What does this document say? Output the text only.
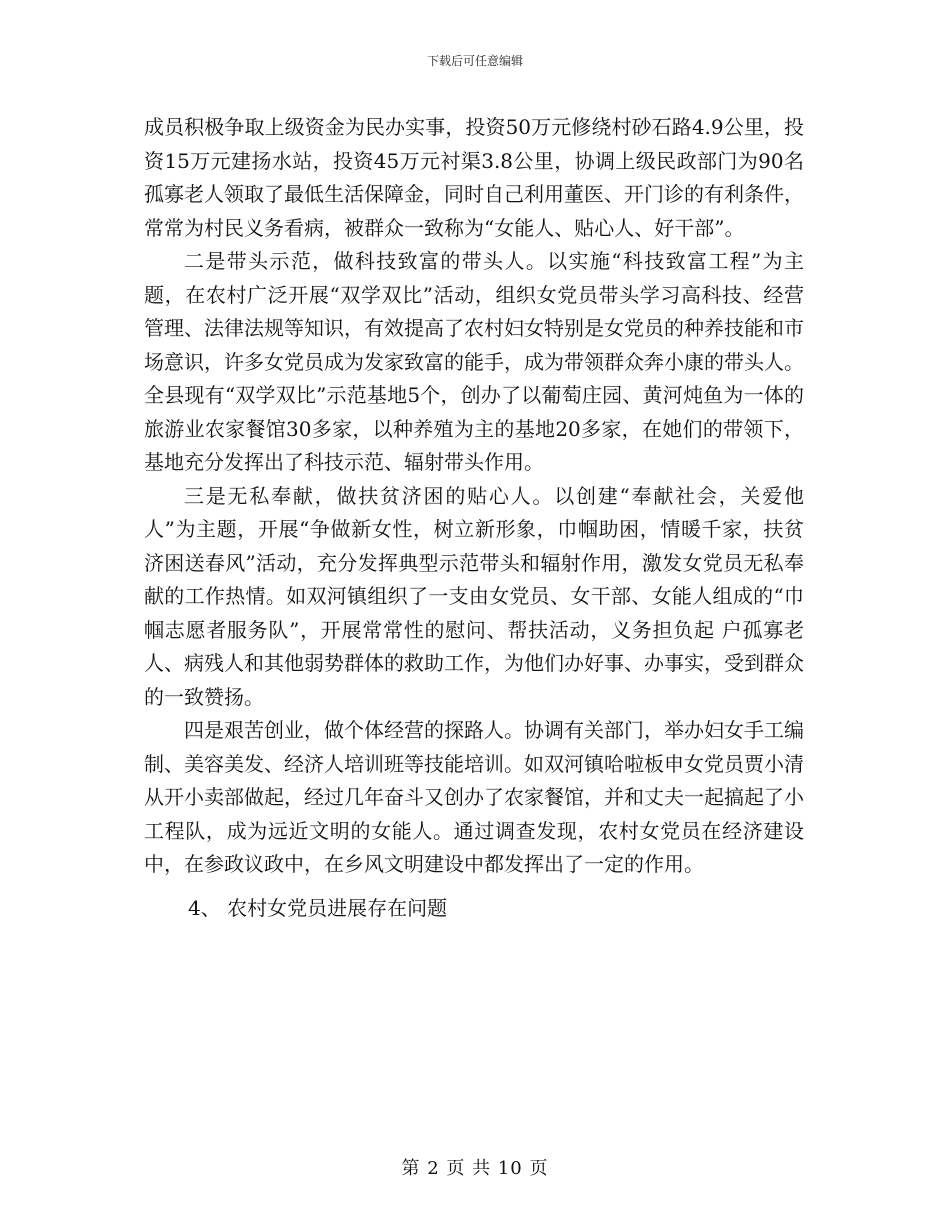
下载后可任意编辑

成员积极争取上级资金为民办实事，投资50万元修绕村砂石路4.9公里，投资15万元建扬水站，投资45万元衬渠3.8公里，协调上级民政部门为90名孤寡老人领取了最低生活保障金，同时自己利用董医、开门诊的有利条件，常常为村民义务看病，被群众一致称为“女能人、贴心人、好干部”。

二是带头示范，做科技致富的带头人。以实施“科技致富工程”为主题，在农村广泛开展“双学双比”活动，组织女党员带头学习高科技、经营管理、法律法规等知识，有效提高了农村妇女特别是女党员的种养技能和市场意识，许多女党员成为发家致富的能手，成为带领群众奔小康的带头人。全县现有“双学双比”示范基地5个，创办了以葡萄庄园、黄河炖鱼为一体的旅游业农家餐馆30多家，以种养殖为主的基地20多家，在她们的带领下，基地充分发挥出了科技示范、辐射带头作用。

三是无私奉献，做扶贫济困的贴心人。以创建“奉献社会，关爱他人”为主题，开展“争做新女性，树立新形象，巾帼助困，情暖千家，扶贫济困送春风”活动，充分发挥典型示范带头和辐射作用，激发女党员无私奉献的工作热情。如双河镇组织了一支由女党员、女干部、女能人组成的“巾帼志愿者服务队”，开展常常性的慰问、帮扶活动，义务担负起 户孤寡老人、病残人和其他弱势群体的救助工作，为他们办好事、办事实，受到群众的一致赞扬。

四是艰苦创业，做个体经营的探路人。协调有关部门，举办妇女手工编制、美容美发、经济人培训班等技能培训。如双河镇哈啦板申女党员贾小清从开小卖部做起，经过几年奋斗又创办了农家餐馆，并和丈夫一起搞起了小工程队，成为远近文明的女能人。通过调查发现，农村女党员在经济建设中，在参政议政中，在乡风文明建设中都发挥出了一定的作用。

4、 农村女党员进展存在问题

第 2 页 共 10 页
